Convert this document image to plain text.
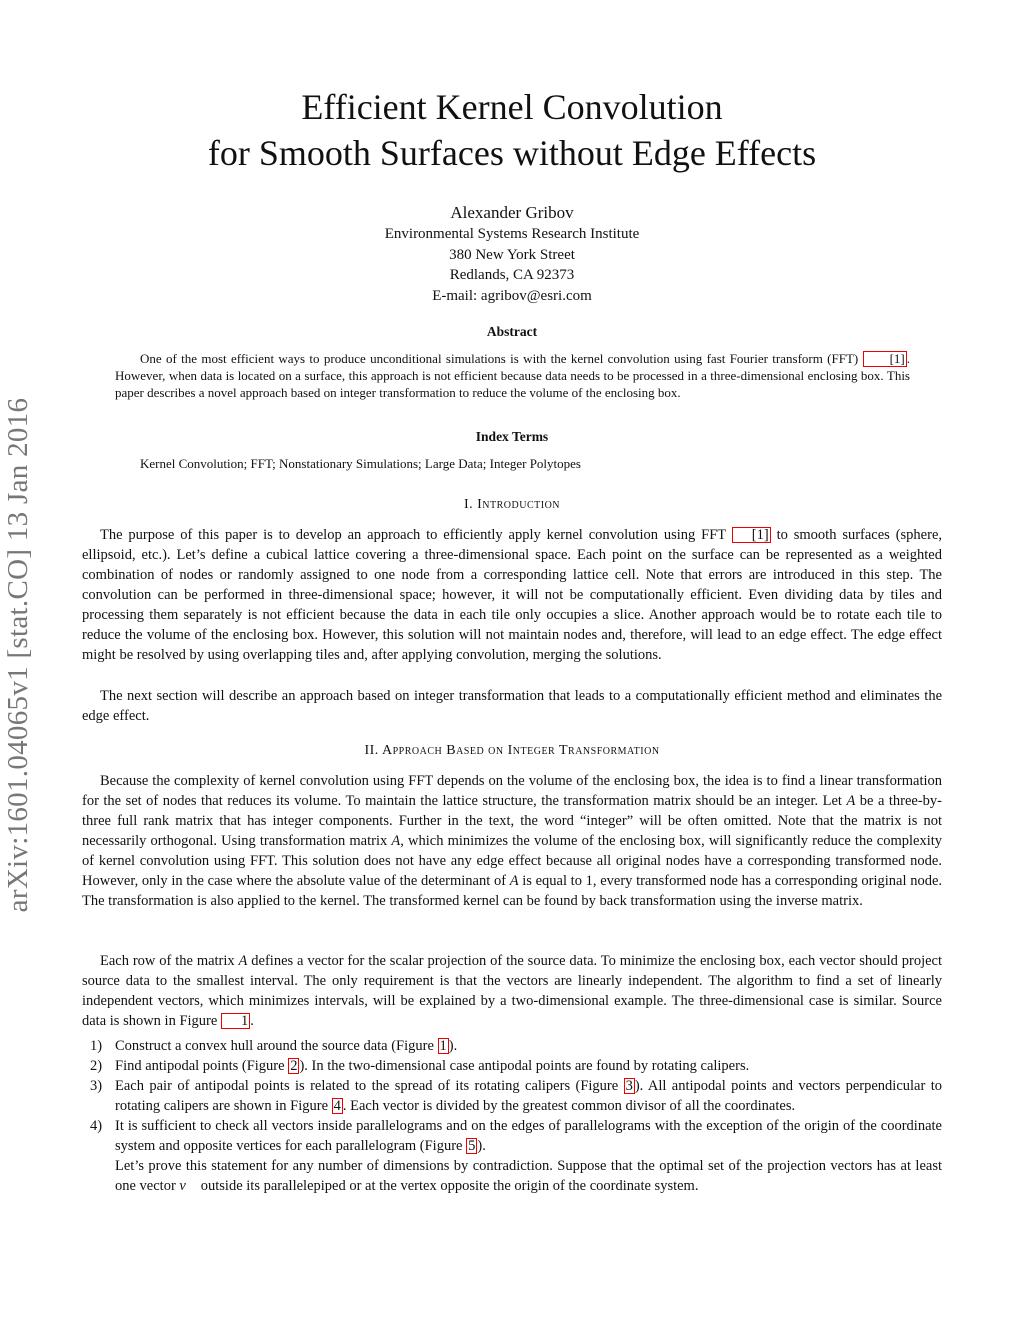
arXiv:1601.04065v1 [stat.CO] 13 Jan 2016
Efficient Kernel Convolution
for Smooth Surfaces without Edge Effects
Alexander Gribov
Environmental Systems Research Institute
380 New York Street
Redlands, CA 92373
E-mail: agribov@esri.com
Abstract
One of the most efficient ways to produce unconditional simulations is with the kernel convolution using fast Fourier transform (FFT) [1] . However, when data is located on a surface, this approach is not efficient because data needs to be processed in a three-dimensional enclosing box. This paper describes a novel approach based on integer transformation to reduce the volume of the enclosing box.
Index Terms
Kernel Convolution; FFT; Nonstationary Simulations; Large Data; Integer Polytopes
I. Introduction
The purpose of this paper is to develop an approach to efficiently apply kernel convolution using FFT [1] to smooth surfaces (sphere, ellipsoid, etc.). Let’s define a cubical lattice covering a three-dimensional space. Each point on the surface can be represented as a weighted combination of nodes or randomly assigned to one node from a corresponding lattice cell. Note that errors are introduced in this step. The convolution can be performed in three-dimensional space; however, it will not be computationally efficient. Even dividing data by tiles and processing them separately is not efficient because the data in each tile only occupies a slice. Another approach would be to rotate each tile to reduce the volume of the enclosing box. However, this solution will not maintain nodes and, therefore, will lead to an edge effect. The edge effect might be resolved by using overlapping tiles and, after applying convolution, merging the solutions.
The next section will describe an approach based on integer transformation that leads to a computationally efficient method and eliminates the edge effect.
II. Approach Based on Integer Transformation
Because the complexity of kernel convolution using FFT depends on the volume of the enclosing box, the idea is to find a linear transformation for the set of nodes that reduces its volume. To maintain the lattice structure, the transformation matrix should be an integer. Let A be a three-by-three full rank matrix that has integer components. Further in the text, the word “integer” will be often omitted. Note that the matrix is not necessarily orthogonal. Using transformation matrix A, which minimizes the volume of the enclosing box, will significantly reduce the complexity of kernel convolution using FFT. This solution does not have any edge effect because all original nodes have a corresponding transformed node. However, only in the case where the absolute value of the determinant of A is equal to 1, every transformed node has a corresponding original node. The transformation is also applied to the kernel. The transformed kernel can be found by back transformation using the inverse matrix.
Each row of the matrix A defines a vector for the scalar projection of the source data. To minimize the enclosing box, each vector should project source data to the smallest interval. The only requirement is that the vectors are linearly independent. The algorithm to find a set of linearly independent vectors, which minimizes intervals, will be explained by a two-dimensional example. The three-dimensional case is similar. Source data is shown in Figure 1 .
1) Construct a convex hull around the source data (Figure 1 ).
2) Find antipodal points (Figure 2 ). In the two-dimensional case antipodal points are found by rotating calipers.
3) Each pair of antipodal points is related to the spread of its rotating calipers (Figure 3 ). All antipodal points and vectors perpendicular to rotating calipers are shown in Figure 4 . Each vector is divided by the greatest common divisor of all the coordinates.
4) It is sufficient to check all vectors inside parallelograms and on the edges of parallelograms with the exception of the origin of the coordinate system and opposite vertices for each parallelogram (Figure 5 ).
Let’s prove this statement for any number of dimensions by contradiction. Suppose that the optimal set of the projection vectors has at least one vector v⃗ outside its parallelepiped or at the vertex opposite the origin of the coordinate system.
